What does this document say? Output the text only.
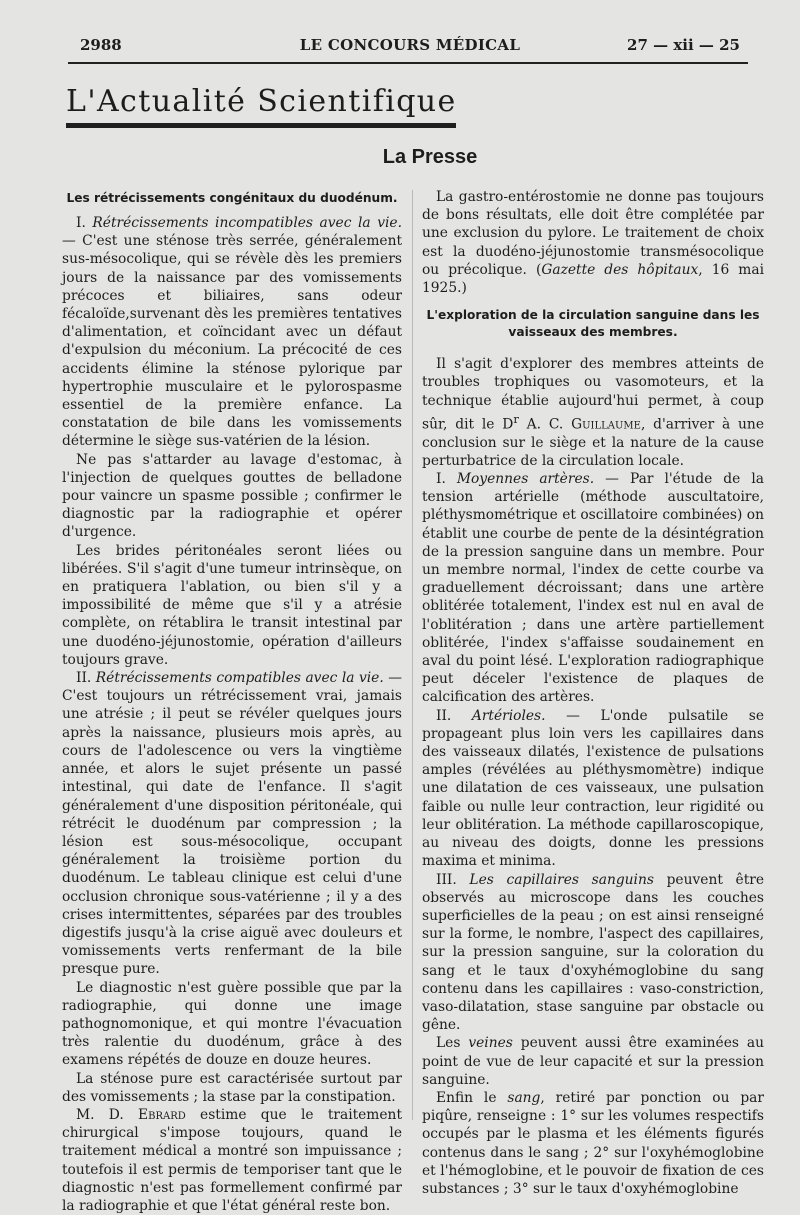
2988	LE CONCOURS MÉDICAL	27 — xii — 25
L'Actualité Scientifique
La Presse
Les rétrécissements congénitaux du duodénum.

I. Rétrécissements incompatibles avec la vie. — C'est une sténose très serrée, généralement sus-mésocolique, qui se révèle dès les premiers jours de la naissance par des vomissements précoces et biliaires, sans odeur fécaloïde,survenant dès les premières tentatives d'alimentation, et coïncidant avec un défaut d'expulsion du méconium. La précocité de ces accidents élimine la sténose pylorique par hypertrophie musculaire et le pylorospasme essentiel de la première enfance. La constatation de bile dans les vomissements détermine le siège sus-vatérien de la lésion.

Ne pas s'attarder au lavage d'estomac, à l'injection de quelques gouttes de belladone pour vaincre un spasme possible ; confirmer le diagnostic par la radiographie et opérer d'urgence.

Les brides péritonéales seront liées ou libérées. S'il s'agit d'une tumeur intrinsèque, on en pratiquera l'ablation, ou bien s'il y a impossibilité de même que s'il y a atrésie complète, on rétablira le transit intestinal par une duodéno-jéjunostomie, opération d'ailleurs toujours grave.

II. Rétrécissements compatibles avec la vie. — C'est toujours un rétrécissement vrai, jamais une atrésie ; il peut se révéler quelques jours après la naissance, plusieurs mois après, au cours de l'adolescence ou vers la vingtième année, et alors le sujet présente un passé intestinal, qui date de l'enfance. Il s'agit généralement d'une disposition péritonéale, qui rétrécit le duodénum par compression ; la lésion est sous-mésocolique, occupant généralement la troisième portion du duodénum. Le tableau clinique est celui d'une occlusion chronique sous-vatérienne ; il y a des crises intermittentes, séparées par des troubles digestifs jusqu'à la crise aiguë avec douleurs et vomissements verts renfermant de la bile presque pure.

Le diagnostic n'est guère possible que par la radiographie, qui donne une image pathognomonique, et qui montre l'évacuation très ralentie du duodénum, grâce à des examens répétés de douze en douze heures.

La sténose pure est caractérisée surtout par des vomissements ; la stase par la constipation.

M. D. Ebrard estime que le traitement chirurgical s'impose toujours, quand le traitement médical a montré son impuissance ; toutefois il est permis de temporiser tant que le diagnostic n'est pas formellement confirmé par la radiographie et que l'état général reste bon.

La gastro-entérostomie ne donne pas toujours de bons résultats, elle doit être complétée par une exclusion du pylore. Le traitement de choix est la duodéno-jéjunostomie transmésocolique ou précolique. (Gazette des hôpitaux, 16 mai 1925.)

L'exploration de la circulation sanguine dans les vaisseaux des membres.

Il s'agit d'explorer des membres atteints de troubles trophiques ou vasomoteurs, et la technique établie aujourd'hui permet, à coup sûr, dit le $D^r$ A. C. Guillaume, d'arriver à une conclusion sur le siège et la nature de la cause perturbatrice de la circulation locale.

I. Moyennes artères. — Par l'étude de la tension artérielle (méthode auscultatoire, pléthysmométrique et oscillatoire combinées) on établit une courbe de pente de la désintégration de la pression sanguine dans un membre. Pour un membre normal, l'index de cette courbe va graduellement décroissant; dans une artère oblitérée totalement, l'index est nul en aval de l'oblitération ; dans une artère partiellement oblitérée, l'index s'affaisse soudainement en aval du point lésé. L'exploration radiographique peut déceler l'existence de plaques de calcification des artères.

II. Artérioles. — L'onde pulsatile se propageant plus loin vers les capillaires dans des vaisseaux dilatés, l'existence de pulsations amples (révélées au pléthysmomètre) indique une dilatation de ces vaisseaux, une pulsation faible ou nulle leur contraction, leur rigidité ou leur oblitération. La méthode capillaroscopique, au niveau des doigts, donne les pressions maxima et minima.

III. Les capillaires sanguins peuvent être observés au microscope dans les couches superficielles de la peau ; on est ainsi renseigné sur la forme, le nombre, l'aspect des capillaires, sur la pression sanguine, sur la coloration du sang et le taux d'oxyhémoglobine du sang contenu dans les capillaires : vaso-constriction, vaso-dilatation, stase sanguine par obstacle ou gêne.

Les veines peuvent aussi être examinées au point de vue de leur capacité et sur la pression sanguine.

Enfin le sang, retiré par ponction ou par piqûre, renseigne : 1° sur les volumes respectifs occupés par le plasma et les éléments figurés contenus dans le sang ; 2° sur l'oxyhémoglobine et l'hémoglobine, et le pouvoir de fixation de ces substances ; 3° sur le taux d'oxyhémoglobine
